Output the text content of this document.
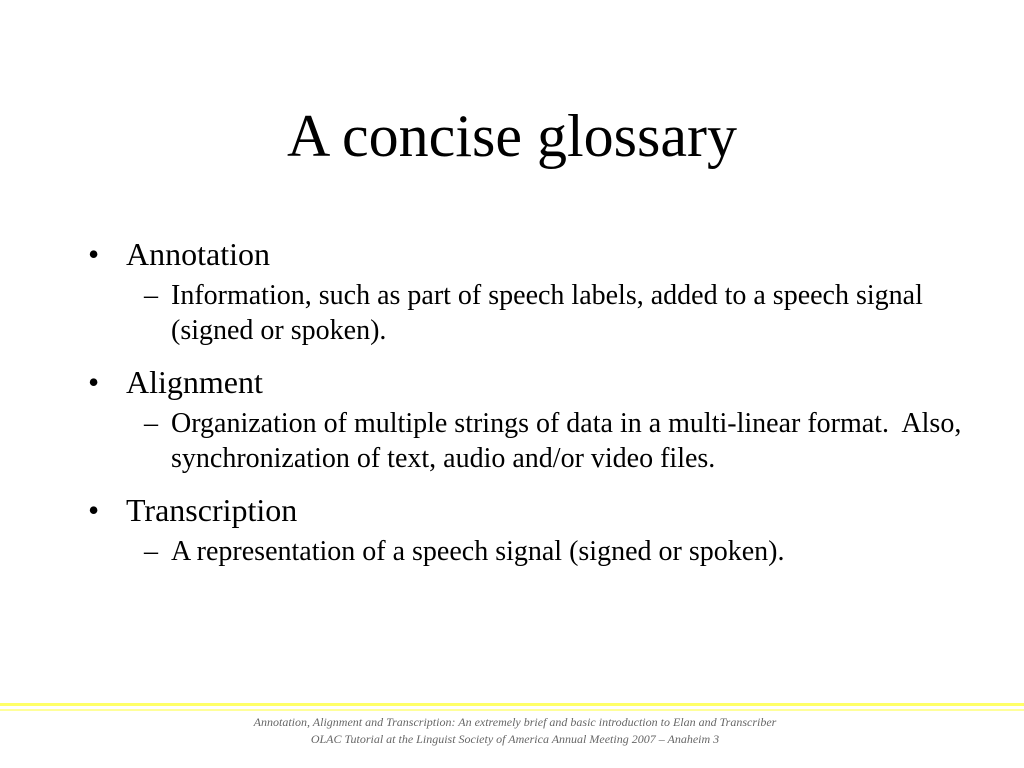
A concise glossary
• Annotation
– Information, such as part of speech labels, added to a speech signal (signed or spoken).
• Alignment
– Organization of multiple strings of data in a multi-linear format.  Also, synchronization of text, audio and/or video files.
• Transcription
– A representation of a speech signal (signed or spoken).
Annotation, Alignment and Transcription: An extremely brief and basic introduction to Elan and Transcriber
OLAC Tutorial at the Linguist Society of America Annual Meeting 2007 – Anaheim 3
